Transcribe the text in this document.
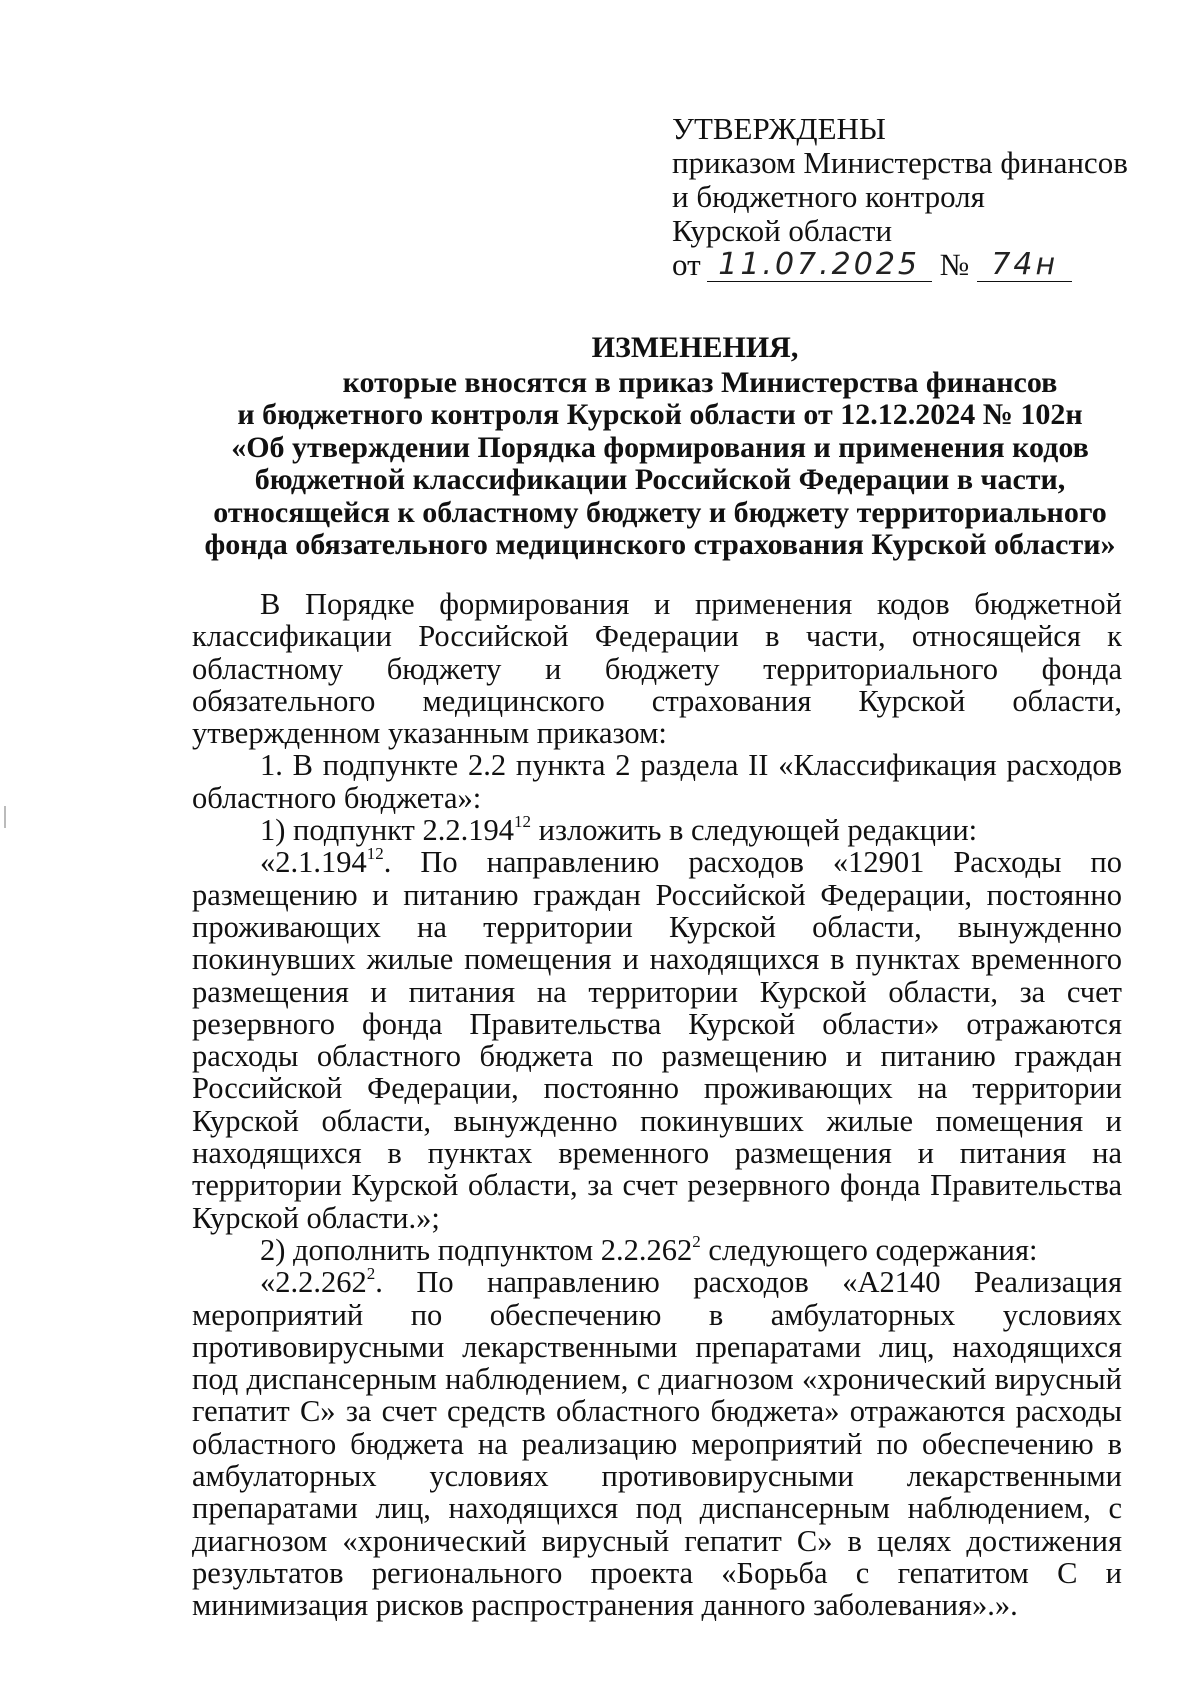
УТВЕРЖДЕНЫ
приказом Министерства финансов
и бюджетного контроля
Курской области
от 11.07.2025 № 74н
ИЗМЕНЕНИЯ,
которые вносятся в приказ Министерства финансов
и бюджетного контроля Курской области от 12.12.2024 № 102н
«Об утверждении Порядка формирования и применения кодов
бюджетной классификации Российской Федерации в части,
относящейся к областному бюджету и бюджету территориального
фонда обязательного медицинского страхования Курской области»

В Порядке формирования и применения кодов бюджетной классификации Российской Федерации в части, относящейся к областному бюджету и бюджету территориального фонда обязательного медицинского страхования Курской области, утвержденном указанным приказом:

1. В подпункте 2.2 пункта 2 раздела II «Классификация расходов областного бюджета»:

1) подпункт 2.2.194$^{12}$ изложить в следующей редакции:

«2.1.194$^{12}$. По направлению расходов «12901 Расходы по размещению и питанию граждан Российской Федерации, постоянно проживающих на территории Курской области, вынужденно покинувших жилые помещения и находящихся в пунктах временного размещения и питания на территории Курской области, за счет резервного фонда Правительства Курской области» отражаются расходы областного бюджета по размещению и питанию граждан Российской Федерации, постоянно проживающих на территории Курской области, вынужденно покинувших жилые помещения и находящихся в пунктах временного размещения и питания на территории Курской области, за счет резервного фонда Правительства Курской области.»;

2) дополнить подпунктом 2.2.262$^2$ следующего содержания:

«2.2.262$^2$. По направлению расходов «А2140 Реализация мероприятий по обеспечению в амбулаторных условиях противовирусными лекарственными препаратами лиц, находящихся под диспансерным наблюдением, с диагнозом «хронический вирусный гепатит С» за счет средств областного бюджета» отражаются расходы областного бюджета на реализацию мероприятий по обеспечению в амбулаторных условиях противовирусными лекарственными препаратами лиц, находящихся под диспансерным наблюдением, с диагнозом «хронический вирусный гепатит С» в целях достижения результатов регионального проекта «Борьба с гепатитом С и минимизация рисков распространения данного заболевания».».
